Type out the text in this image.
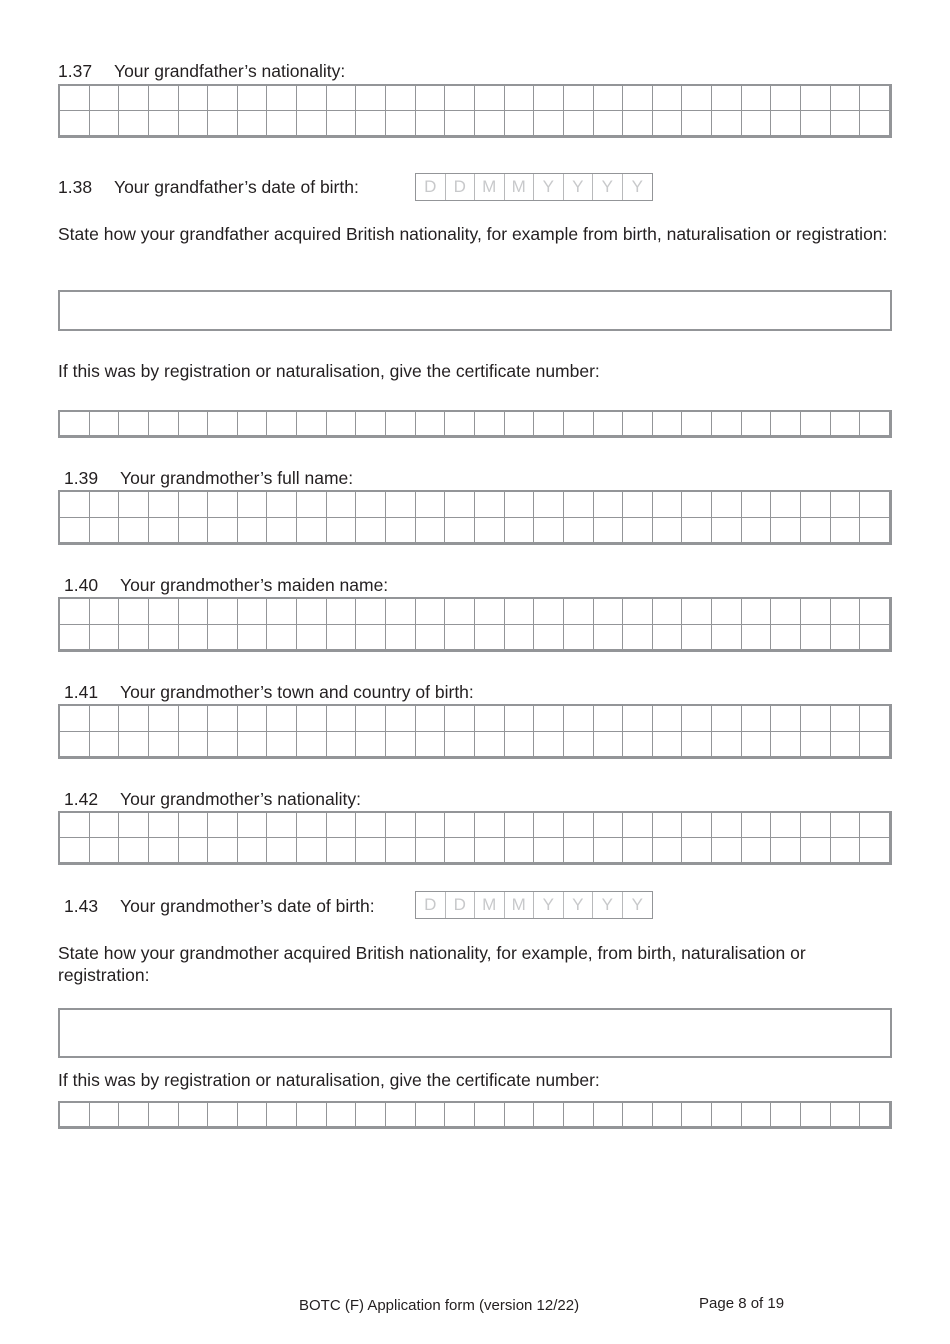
1.37 Your grandfather’s nationality:
1.38 Your grandfather’s date of birth:	D	D M M Y	Y	Y	Y
State how your grandfather acquired British nationality, for example from birth, naturalisation or registration:
If this was by registration or naturalisation, give the certificate number:
1.39 Your grandmother’s full name:
1.40 Your grandmother’s maiden name:
1.41 Your grandmother’s town and country of birth:
1.42 Your grandmother’s nationality:
1.43 Your grandmother’s date of birth:	D	D M M Y	Y	Y	Y
State how your grandmother acquired British nationality, for example, from birth, naturalisation or registration:
If this was by registration or naturalisation, give the certificate number:
BOTC (F) Application form (version 12/22)	Page 8 of 19
